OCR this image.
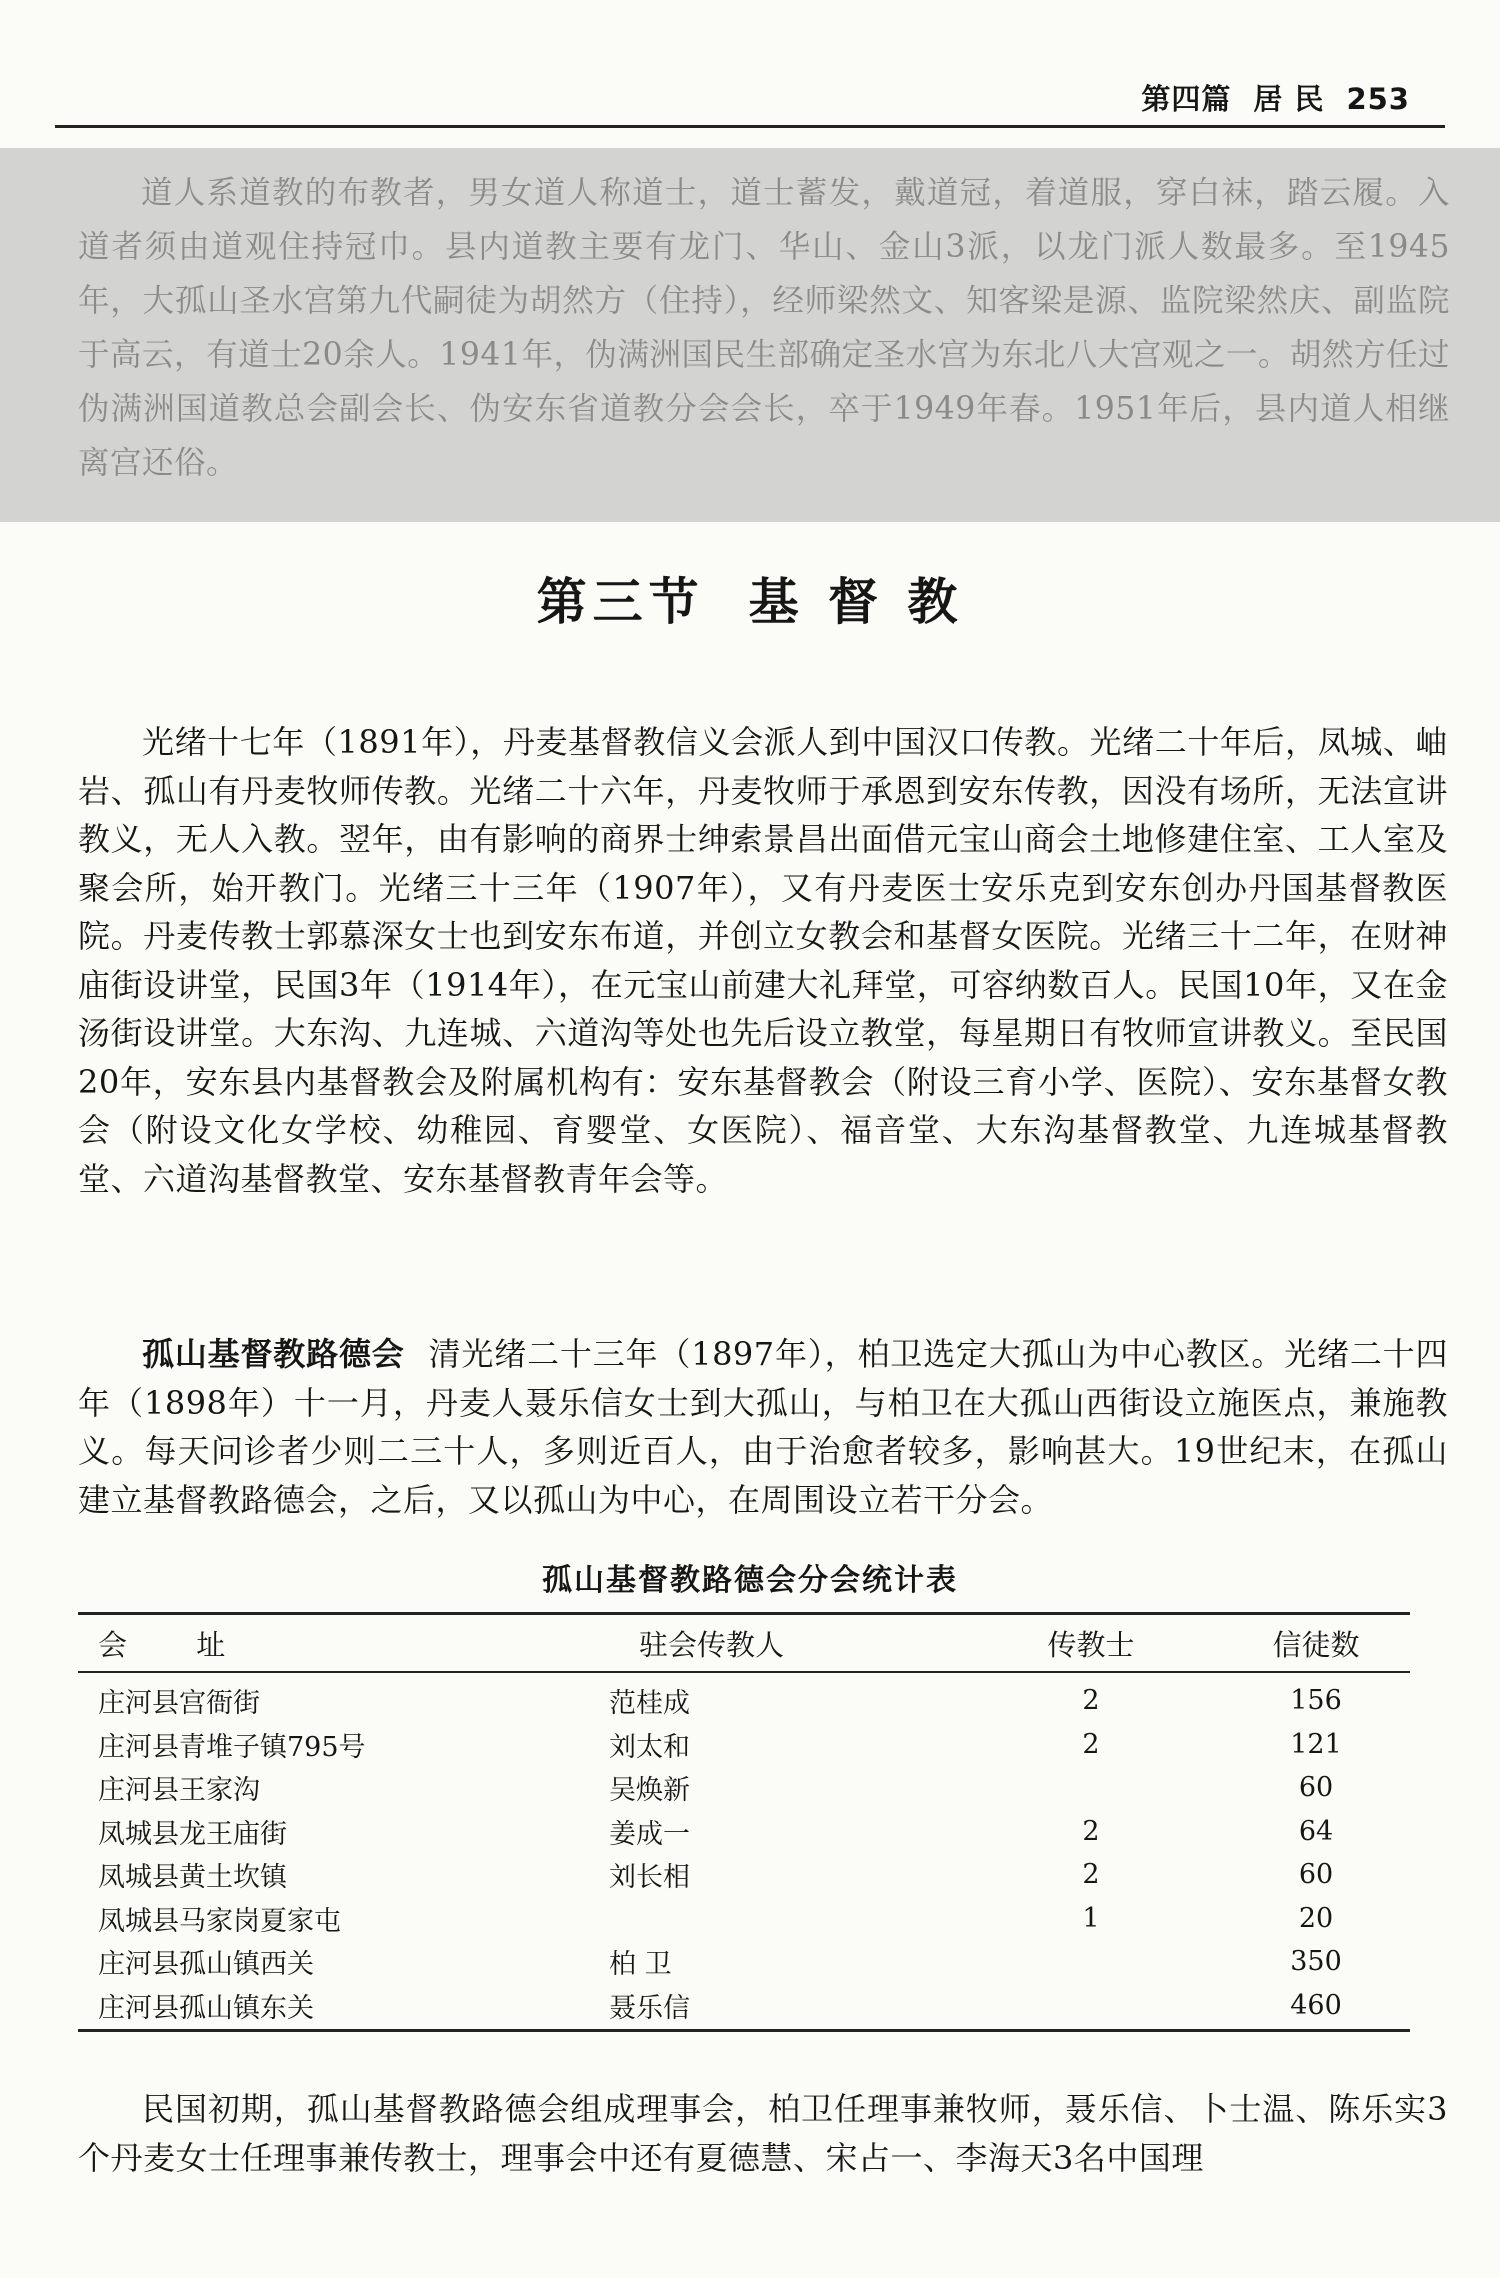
第四篇 居 民 253

道人系道教的布教者，男女道人称道士，道士蓄发，戴道冠，着道服，穿白袜，踏云履。入道者须由道观住持冠巾。县内道教主要有龙门、华山、金山3派，以龙门派人数最多。至1945年，大孤山圣水宫第九代嗣徒为胡然方（住持），经师梁然文、知客梁是源、监院梁然庆、副监院于高云，有道士20余人。1941年，伪满洲国民生部确定圣水宫为东北八大宫观之一。胡然方任过伪满洲国道教总会副会长、伪安东省道教分会会长，卒于1949年春。1951年后，县内道人相继离宫还俗。

第三节 基 督 教

光绪十七年（1891年），丹麦基督教信义会派人到中国汉口传教。光绪二十年后，凤城、岫岩、孤山有丹麦牧师传教。光绪二十六年，丹麦牧师于承恩到安东传教，因没有场所，无法宣讲教义，无人入教。翌年，由有影响的商界士绅索景昌出面借元宝山商会土地修建住室、工人室及聚会所，始开教门。光绪三十三年（1907年），又有丹麦医士安乐克到安东创办丹国基督教医院。丹麦传教士郭慕深女士也到安东布道，并创立女教会和基督女医院。光绪三十二年，在财神庙街设讲堂，民国3年（1914年），在元宝山前建大礼拜堂，可容纳数百人。民国10年，又在金汤街设讲堂。大东沟、九连城、六道沟等处也先后设立教堂，每星期日有牧师宣讲教义。至民国20年，安东县内基督教会及附属机构有：安东基督教会（附设三育小学、医院）、安东基督女教会（附设文化女学校、幼稚园、育婴堂、女医院）、福音堂、大东沟基督教堂、九连城基督教堂、六道沟基督教堂、安东基督教青年会等。

孤山基督教路德会 清光绪二十三年（1897年），柏卫选定大孤山为中心教区。光绪二十四年（1898年）十一月，丹麦人聂乐信女士到大孤山，与柏卫在大孤山西街设立施医点，兼施教义。每天问诊者少则二三十人，多则近百人，由于治愈者较多，影响甚大。19世纪末，在孤山建立基督教路德会，之后，又以孤山为中心，在周围设立若干分会。

孤山基督教路德会分会统计表
会 址	驻会传教人	传教士	信徒数
庄河县宫衙街	范桂成	2	156
庄河县青堆子镇795号	刘太和	2	121
庄河县王家沟	吴焕新		60
凤城县龙王庙街	姜成一	2	64
凤城县黄土坎镇	刘长相	2	60
凤城县马家岗夏家屯		1	20
庄河县孤山镇西关	柏 卫		350
庄河县孤山镇东关	聂乐信		460

民国初期，孤山基督教路德会组成理事会，柏卫任理事兼牧师，聂乐信、卜士温、陈乐实3个丹麦女士任理事兼传教士，理事会中还有夏德慧、宋占一、李海天3名中国理
